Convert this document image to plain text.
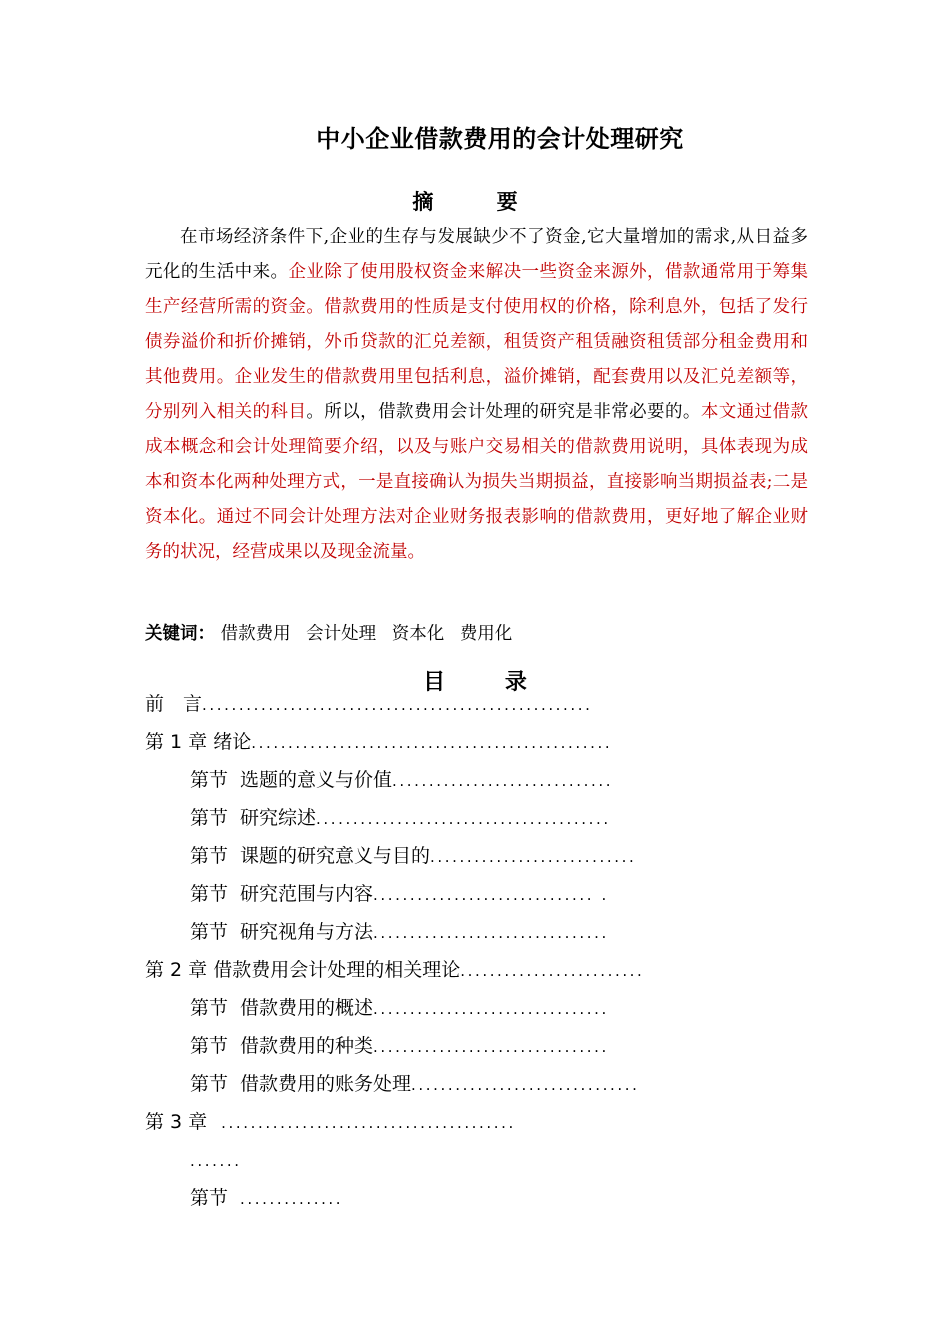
中小企业借款费用的会计处理研究
摘 要
在市场经济条件下,企业的生存与发展缺少不了资金,它大量增加的需求,从日益多元化的生活中来。企业除了使用股权资金来解决一些资金来源外，借款通常用于筹集生产经营所需的资金。借款费用的性质是支付使用权的价格，除利息外，包括了发行债券溢价和折价摊销，外币贷款的汇兑差额，租赁资产租赁融资租赁部分租金费用和其他费用。企业发生的借款费用里包括利息，溢价摊销，配套费用以及汇兑差额等，分别列入相关的科目。所以，借款费用会计处理的研究是非常必要的。本文通过借款成本概念和会计处理简要介绍，以及与账户交易相关的借款费用说明，具体表现为成本和资本化两种处理方式，一是直接确认为损失当期损益，直接影响当期损益表;二是资本化。通过不同会计处理方法对企业财务报表影响的借款费用，更好地了解企业财务的状况，经营成果以及现金流量。
关键词： 借款费用 会计处理 资本化 费用化
目 录
前　言.....................................................
第 1 章 绪论.................................................
第节 选题的意义与价值..............................
第节 研究综述........................................
第节 课题的研究意义与目的............................
第节 研究范围与内容.............................. .
第节 研究视角与方法................................
第 2 章 借款费用会计处理的相关理论.........................
第节 借款费用的概述................................
第节 借款费用的种类................................
第节 借款费用的账务处理...............................
第 3 章 ........................................
.......
第节 ..............
